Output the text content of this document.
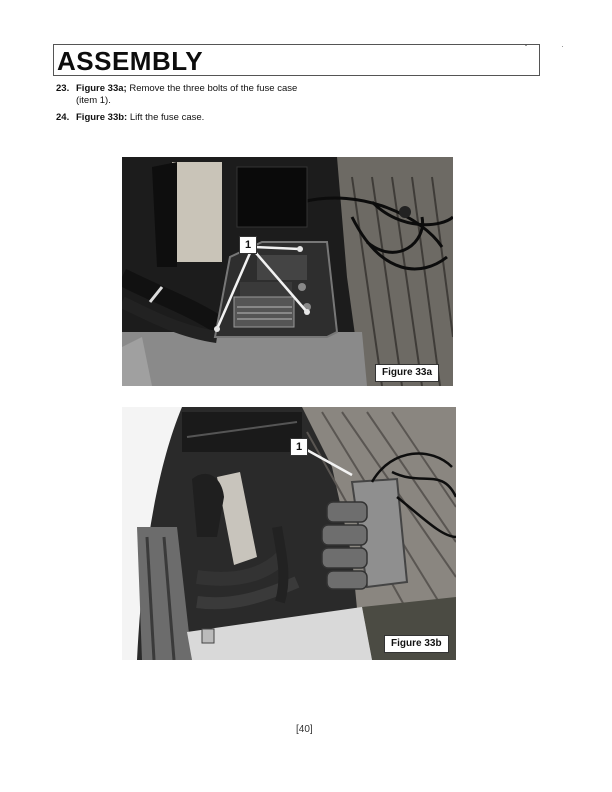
ASSEMBLY
23. Figure 33a; Remove the three bolts of the fuse case (item 1).
24. Figure 33b: Lift the fuse case.
1
Figure 33a
1
Figure 33b
[40]
